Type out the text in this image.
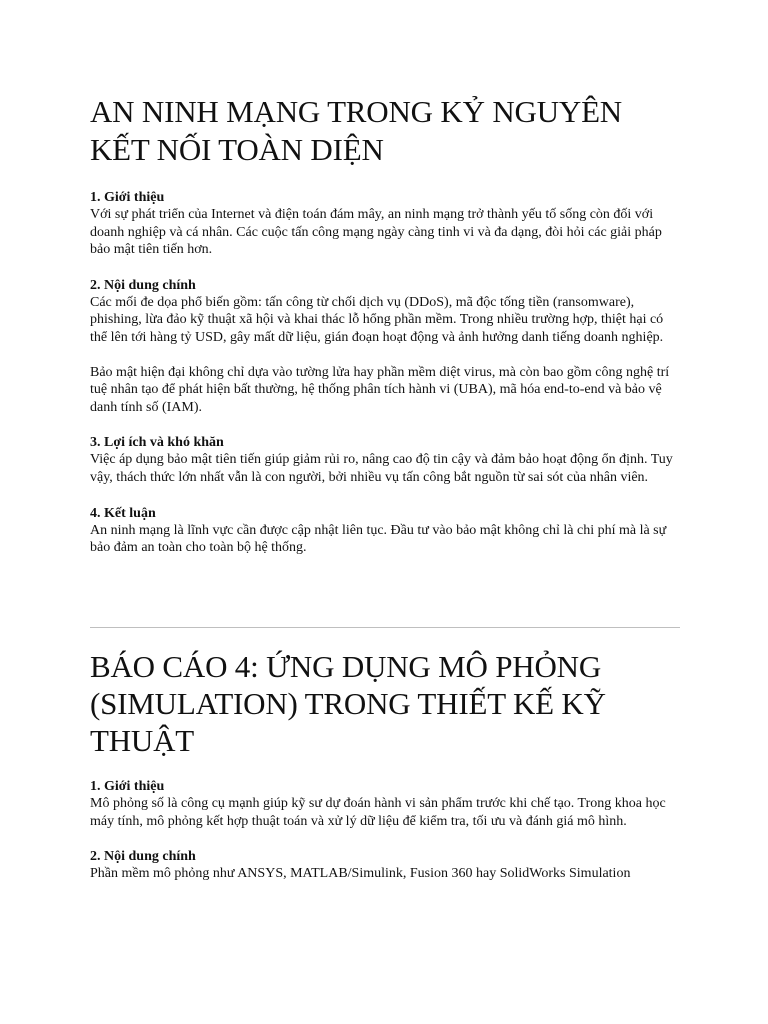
AN NINH MẠNG TRONG KỶ NGUYÊN KẾT NỐI TOÀN DIỆN
1. Giới thiệu

Với sự phát triển của Internet và điện toán đám mây, an ninh mạng trở thành yếu tố sống còn đối với doanh nghiệp và cá nhân. Các cuộc tấn công mạng ngày càng tinh vi và đa dạng, đòi hỏi các giải pháp bảo mật tiên tiến hơn.

2. Nội dung chính

Các mối đe dọa phổ biến gồm: tấn công từ chối dịch vụ (DDoS), mã độc tống tiền (ransomware), phishing, lừa đảo kỹ thuật xã hội và khai thác lỗ hổng phần mềm. Trong nhiều trường hợp, thiệt hại có thể lên tới hàng tỷ USD, gây mất dữ liệu, gián đoạn hoạt động và ảnh hưởng danh tiếng doanh nghiệp.

Bảo mật hiện đại không chỉ dựa vào tường lửa hay phần mềm diệt virus, mà còn bao gồm công nghệ trí tuệ nhân tạo để phát hiện bất thường, hệ thống phân tích hành vi (UBA), mã hóa end-to-end và bảo vệ danh tính số (IAM).

3. Lợi ích và khó khăn

Việc áp dụng bảo mật tiên tiến giúp giảm rủi ro, nâng cao độ tin cậy và đảm bảo hoạt động ổn định. Tuy vậy, thách thức lớn nhất vẫn là con người, bởi nhiều vụ tấn công bắt nguồn từ sai sót của nhân viên.

4. Kết luận

An ninh mạng là lĩnh vực cần được cập nhật liên tục. Đầu tư vào bảo mật không chỉ là chi phí mà là sự bảo đảm an toàn cho toàn bộ hệ thống.

BÁO CÁO 4: ỨNG DỤNG MÔ PHỎNG (SIMULATION) TRONG THIẾT KẾ KỸ THUẬT
1. Giới thiệu

Mô phỏng số là công cụ mạnh giúp kỹ sư dự đoán hành vi sản phẩm trước khi chế tạo. Trong khoa học máy tính, mô phỏng kết hợp thuật toán và xử lý dữ liệu để kiểm tra, tối ưu và đánh giá mô hình.

2. Nội dung chính

Phần mềm mô phỏng như ANSYS, MATLAB/Simulink, Fusion 360 hay SolidWorks Simulation
